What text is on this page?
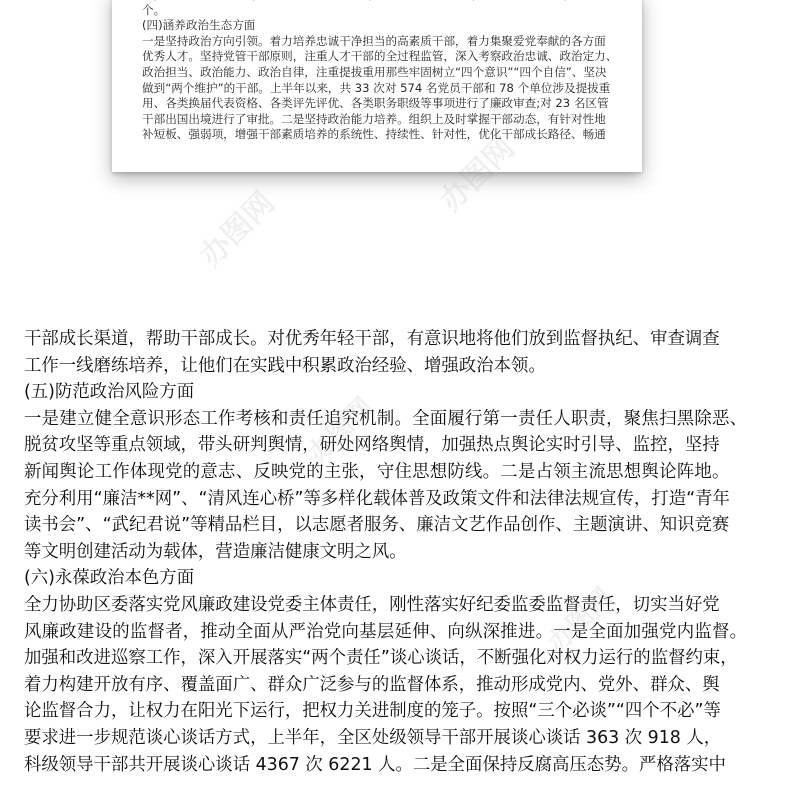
个。
(四)涵养政治生态方面
一是坚持政治方向引领。着力培养忠诚干净担当的高素质干部，着力集聚爱党奉献的各方面
优秀人才。坚持党管干部原则，注重人才干部的全过程监管，深入考察政治忠诚、政治定力、
政治担当、政治能力、政治自律，注重提拔重用那些牢固树立“四个意识”“四个自信”、坚决
做到“两个维护”的干部。上半年以来，共 33 次对 574 名党员干部和 78 个单位涉及提拔重
用、各类换届代表资格、各类评先评优、各类职务职级等事项进行了廉政审查;对 23 名区管
干部出国出境进行了审批。二是坚持政治能力培养。组织上及时掌握干部动态，有针对性地
补短板、强弱项，增强干部素质培养的系统性、持续性、针对性，优化干部成长路径、畅通
干部成长渠道，帮助干部成长。对优秀年轻干部，有意识地将他们放到监督执纪、审查调查
工作一线磨练培养，让他们在实践中积累政治经验、增强政治本领。
(五)防范政治风险方面
一是建立健全意识形态工作考核和责任追究机制。全面履行第一责任人职责，聚焦扫黑除恶、
脱贫攻坚等重点领域，带头研判舆情，研处网络舆情，加强热点舆论实时引导、监控，坚持
新闻舆论工作体现党的意志、反映党的主张，守住思想防线。二是占领主流思想舆论阵地。
充分利用“廉洁**网”、“清风连心桥”等多样化载体普及政策文件和法律法规宣传，打造“青年
读书会”、“武纪君说”等精品栏目，以志愿者服务、廉洁文艺作品创作、主题演讲、知识竞赛
等文明创建活动为载体，营造廉洁健康文明之风。
(六)永葆政治本色方面
全力协助区委落实党风廉政建设党委主体责任，刚性落实好纪委监委监督责任，切实当好党
风廉政建设的监督者，推动全面从严治党向基层延伸、向纵深推进。一是全面加强党内监督。
加强和改进巡察工作，深入开展落实“两个责任”谈心谈话，不断强化对权力运行的监督约束，
着力构建开放有序、覆盖面广、群众广泛参与的监督体系，推动形成党内、党外、群众、舆
论监督合力，让权力在阳光下运行，把权力关进制度的笼子。按照“三个必谈”“四个不必”等
要求进一步规范谈心谈话方式，上半年，全区处级领导干部开展谈心谈话 363 次 918 人，
科级领导干部共开展谈心谈话 4367 次 6221 人。二是全面保持反腐高压态势。严格落实中
办图网
办图网
